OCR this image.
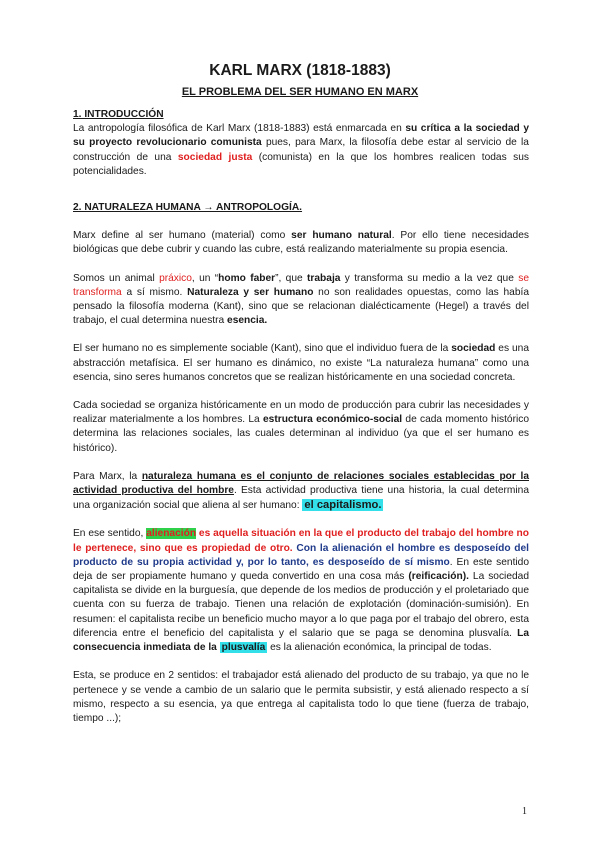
KARL MARX (1818-1883)
EL PROBLEMA DEL SER HUMANO EN MARX

1. INTRODUCCIÓN

La antropología filosófica de Karl Marx (1818-1883) está enmarcada en su crítica a la sociedad y su proyecto revolucionario comunista pues, para Marx, la filosofía debe estar al servicio de la construcción de una sociedad justa (comunista) en la que los hombres realicen todas sus potencialidades.

2. NATURALEZA HUMANA → ANTROPOLOGÍA.

Marx define al ser humano (material) como ser humano natural. Por ello tiene necesidades biológicas que debe cubrir y cuando las cubre, está realizando materialmente su propia esencia.

Somos un animal práxico, un “homo faber”, que trabaja y transforma su medio a la vez que se transforma a sí mismo. Naturaleza y ser humano no son realidades opuestas, como las había pensado la filosofía moderna (Kant), sino que se relacionan dialécticamente (Hegel) a través del trabajo, el cual determina nuestra esencia.

El ser humano no es simplemente sociable (Kant), sino que el individuo fuera de la sociedad es una abstracción metafísica. El ser humano es dinámico, no existe “La naturaleza humana” como una esencia, sino seres humanos concretos que se realizan históricamente en una sociedad concreta.

Cada sociedad se organiza históricamente en un modo de producción para cubrir las necesidades y realizar materialmente a los hombres. La estructura económico-social de cada momento histórico determina las relaciones sociales, las cuales determinan al individuo (ya que el ser humano es histórico).

Para Marx, la naturaleza humana es el conjunto de relaciones sociales establecidas por la actividad productiva del hombre. Esta actividad productiva tiene una historia, la cual determina una organización social que aliena al ser humano: el capitalismo.

En ese sentido, alienación es aquella situación en la que el producto del trabajo del hombre no le pertenece, sino que es propiedad de otro. Con la alienación el hombre es desposeído del producto de su propia actividad y, por lo tanto, es desposeído de sí mismo. En este sentido deja de ser propiamente humano y queda convertido en una cosa más (reificación). La sociedad capitalista se divide en la burguesía, que depende de los medios de producción y el proletariado que cuenta con su fuerza de trabajo. Tienen una relación de explotación (dominación-sumisión). En resumen: el capitalista recibe un beneficio mucho mayor a lo que paga por el trabajo del obrero, esta diferencia entre el beneficio del capitalista y el salario que se paga se denomina plusvalía. La consecuencia inmediata de la plusvalía es la alienación económica, la principal de todas.

Esta, se produce en 2 sentidos: el trabajador está alienado del producto de su trabajo, ya que no le pertenece y se vende a cambio de un salario que le permita subsistir, y está alienado respecto a sí mismo, respecto a su esencia, ya que entrega al capitalista todo lo que tiene (fuerza de trabajo, tiempo ...);

1
